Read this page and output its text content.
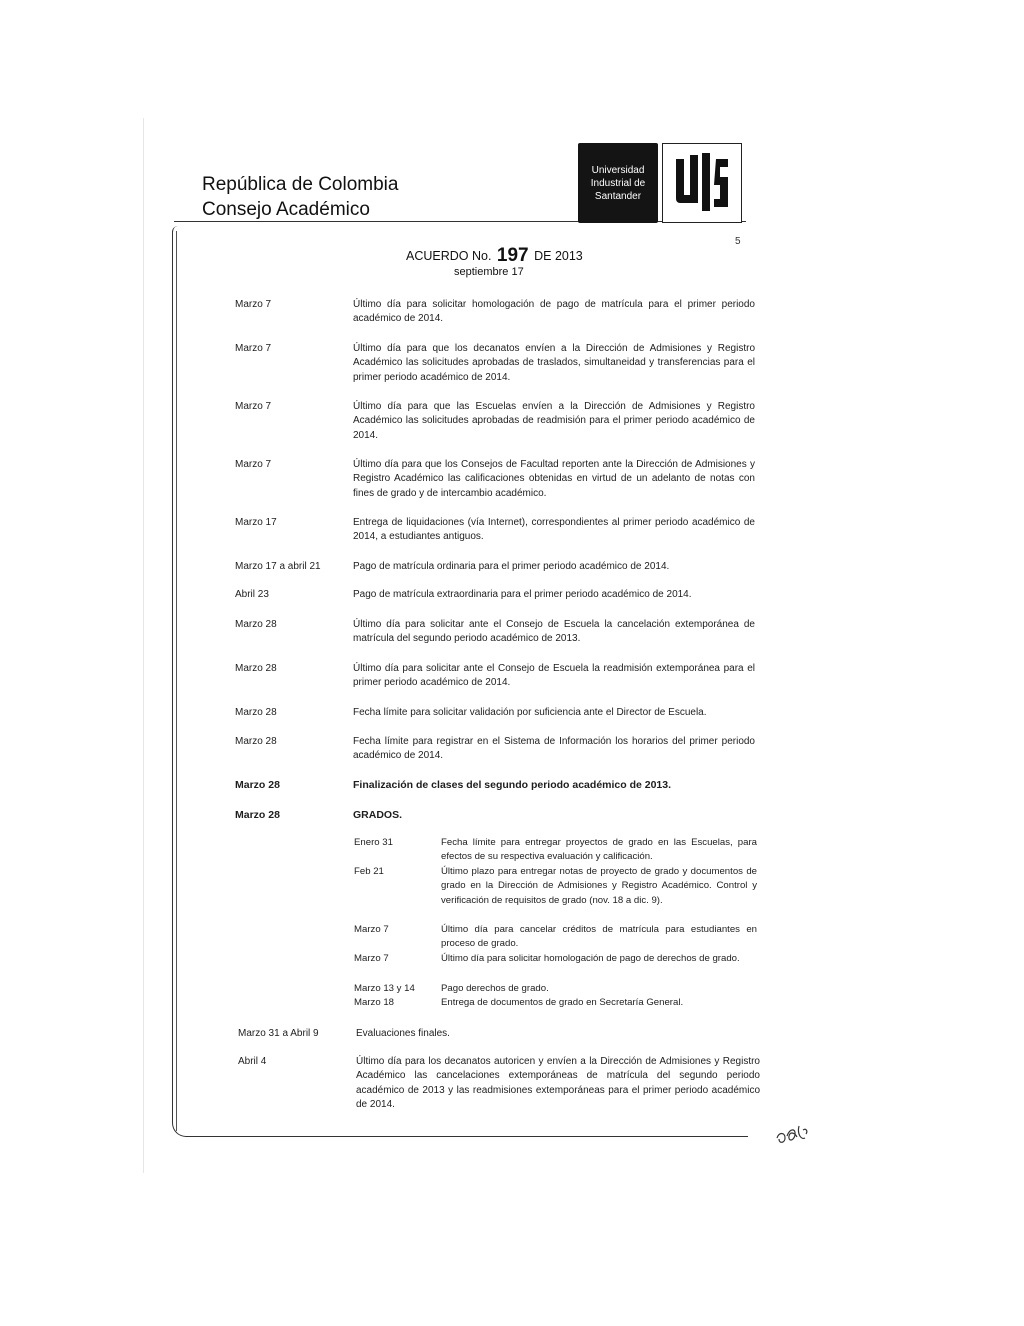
República de Colombia
Consejo Académico
Universidad
Industrial de
Santander
5
ACUERDO No. 197 DE 2013
septiembre 17
Marzo 7	Último día para solicitar homologación de pago de matrícula para el primer periodo académico de 2014.
Marzo 7	Último día para que los decanatos envíen a la Dirección de Admisiones y Registro Académico las solicitudes aprobadas de traslados, simultaneidad y transferencias para el primer periodo académico de 2014.
Marzo 7	Último día para que las Escuelas envíen a la Dirección de Admisiones y Registro Académico las solicitudes aprobadas de readmisión para el primer periodo académico de 2014.
Marzo 7	Último día para que los Consejos de Facultad reporten ante la Dirección de Admisiones y Registro Académico las calificaciones obtenidas en virtud de un adelanto de notas con fines de grado y de intercambio académico.
Marzo 17	Entrega de liquidaciones (vía Internet), correspondientes al primer periodo académico de 2014, a estudiantes antiguos.
Marzo 17 a abril 21	Pago de matrícula ordinaria para el primer periodo académico de 2014.
Abril 23	Pago de matrícula extraordinaria para el primer periodo académico de 2014.
Marzo 28	Último día para solicitar ante el Consejo de Escuela la cancelación extemporánea de matrícula del segundo periodo académico de 2013.
Marzo 28	Último día para solicitar ante el Consejo de Escuela la readmisión extemporánea para el primer periodo académico de 2014.
Marzo 28	Fecha límite para solicitar validación por suficiencia ante el Director de Escuela.
Marzo 28	Fecha límite para registrar en el Sistema de Información los horarios del primer periodo académico de 2014.
Marzo 28	Finalización de clases del segundo periodo académico de 2013.
Marzo 28	GRADOS.
Enero 31	Fecha límite para entregar proyectos de grado en las Escuelas, para efectos de su respectiva evaluación y calificación.
Feb 21	Último plazo para entregar notas de proyecto de grado y documentos de grado en la Dirección de Admisiones y Registro Académico. Control y verificación de requisitos de grado (nov. 18 a dic. 9).
Marzo 7	Último día para cancelar créditos de matrícula para estudiantes en proceso de grado.
Marzo 7	Último día para solicitar homologación de pago de derechos de grado.
Marzo 13 y 14	Pago derechos de grado.
Marzo 18	Entrega de documentos de grado en Secretaría General.
Marzo 31 a Abril 9	Evaluaciones finales.
Abril 4	Último día para los decanatos autoricen y envíen a la Dirección de Admisiones y Registro Académico las cancelaciones extemporáneas de matrícula del segundo periodo académico de 2013 y las readmisiones extemporáneas para el primer periodo académico de 2014.
